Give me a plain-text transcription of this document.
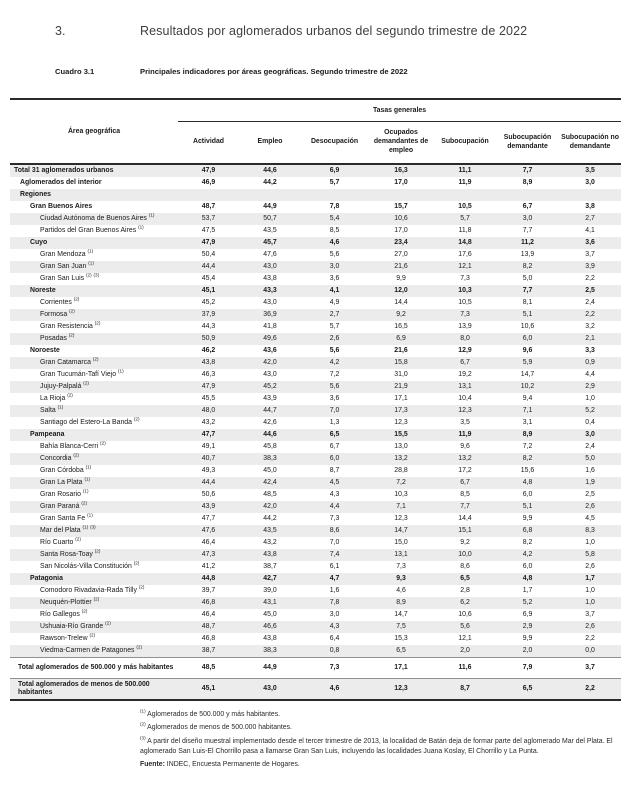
3.	Resultados por aglomerados urbanos del segundo trimestre de 2022
Cuadro 3.1	Principales indicadores por áreas geográficas. Segundo trimestre de 2022
Área geográfica	Tasas generales						
	Actividad	Empleo	Desocupación	Ocupados demandantes de empleo	Subocupación	Subocupación demandante	Subocupación no demandante
Total 31 aglomerados urbanos	47,9	44,6	6,9	16,3	11,1	7,7	3,5
Aglomerados del interior	46,9	44,2	5,7	17,0	11,9	8,9	3,0
Regiones							
Gran Buenos Aires	48,7	44,9	7,8	15,7	10,5	6,7	3,8
Ciudad Autónoma de Buenos Aires $^{(1)}$	53,7	50,7	5,4	10,6	5,7	3,0	2,7
Partidos del Gran Buenos Aires $^{(1)}$	47,5	43,5	8,5	17,0	11,8	7,7	4,1
Cuyo	47,9	45,7	4,6	23,4	14,8	11,2	3,6
Gran Mendoza $^{(1)}$	50,4	47,6	5,6	27,0	17,6	13,9	3,7
Gran San Juan $^{(1)}$	44,4	43,0	3,0	21,6	12,1	8,2	3,9
Gran San Luis $^{(2)}$ $^{(3)}$	45,4	43,8	3,6	9,9	7,3	5,0	2,2
Noreste	45,1	43,3	4,1	12,0	10,3	7,7	2,5
Corrientes $^{(2)}$	45,2	43,0	4,9	14,4	10,5	8,1	2,4
Formosa $^{(2)}$	37,9	36,9	2,7	9,2	7,3	5,1	2,2
Gran Resistencia $^{(2)}$	44,3	41,8	5,7	16,5	13,9	10,6	3,2
Posadas $^{(2)}$	50,9	49,6	2,6	6,9	8,0	6,0	2,1
Noroeste	46,2	43,6	5,6	21,6	12,9	9,6	3,3
Gran Catamarca $^{(2)}$	43,8	42,0	4,2	15,8	6,7	5,9	0,9
Gran Tucumán-Tafí Viejo $^{(1)}$	46,3	43,0	7,2	31,0	19,2	14,7	4,4
Jujuy-Palpalá $^{(2)}$	47,9	45,2	5,6	21,9	13,1	10,2	2,9
La Rioja $^{(2)}$	45,5	43,9	3,6	17,1	10,4	9,4	1,0
Salta $^{(1)}$	48,0	44,7	7,0	17,3	12,3	7,1	5,2
Santiago del Estero-La Banda $^{(2)}$	43,2	42,6	1,3	12,3	3,5	3,1	0,4
Pampeana	47,7	44,6	6,5	15,5	11,9	8,9	3,0
Bahía Blanca-Cerri $^{(2)}$	49,1	45,8	6,7	13,0	9,6	7,2	2,4
Concordia $^{(2)}$	40,7	38,3	6,0	13,2	13,2	8,2	5,0
Gran Córdoba $^{(1)}$	49,3	45,0	8,7	28,8	17,2	15,6	1,6
Gran La Plata $^{(1)}$	44,4	42,4	4,5	7,2	6,7	4,8	1,9
Gran Rosario $^{(1)}$	50,6	48,5	4,3	10,3	8,5	6,0	2,5
Gran Paraná $^{(2)}$	43,9	42,0	4,4	7,1	7,7	5,1	2,6
Gran Santa Fe $^{(1)}$	47,7	44,2	7,3	12,3	14,4	9,9	4,5
Mar del Plata $^{(1)}$ $^{(3)}$	47,6	43,5	8,6	14,7	15,1	6,8	8,3
Río Cuarto $^{(2)}$	46,4	43,2	7,0	15,0	9,2	8,2	1,0
Santa Rosa-Toay $^{(2)}$	47,3	43,8	7,4	13,1	10,0	4,2	5,8
San Nicolás-Villa Constitución $^{(2)}$	41,2	38,7	6,1	7,3	8,6	6,0	2,6
Patagonia	44,8	42,7	4,7	9,3	6,5	4,8	1,7
Comodoro Rivadavia-Rada Tilly $^{(2)}$	39,7	39,0	1,6	4,6	2,8	1,7	1,0
Neuquén-Plottier $^{(2)}$	46,8	43,1	7,8	8,9	6,2	5,2	1,0
Río Gallegos $^{(2)}$	46,4	45,0	3,0	14,7	10,6	6,9	3,7
Ushuaia-Río Grande $^{(2)}$	48,7	46,6	4,3	7,5	5,6	2,9	2,6
Rawson-Trelew $^{(2)}$	46,8	43,8	6,4	15,3	12,1	9,9	2,2
Viedma-Carmen de Patagones $^{(2)}$	38,7	38,3	0,8	6,5	2,0	2,0	0,0
Total aglomerados de 500.000 y más habitantes	48,5	44,9	7,3	17,1	11,6	7,9	3,7
Total aglomerados de menos de 500.000 habitantes	45,1	43,0	4,6	12,3	8,7	6,5	2,2

$^{(1)}$ Aglomerados de 500.000 y más habitantes.

$^{(2)}$ Aglomerados de menos de 500.000 habitantes.

$^{(3)}$ A partir del diseño muestral implementado desde el tercer trimestre de 2013, la localidad de Batán deja de formar parte del aglomerado Mar del Plata. El aglomerado San Luis-El Chorrillo pasa a llamarse Gran San Luis, incluyendo las localidades Juana Koslay, El Chorrillo y La Punta.

Fuente: INDEC, Encuesta Permanente de Hogares.
